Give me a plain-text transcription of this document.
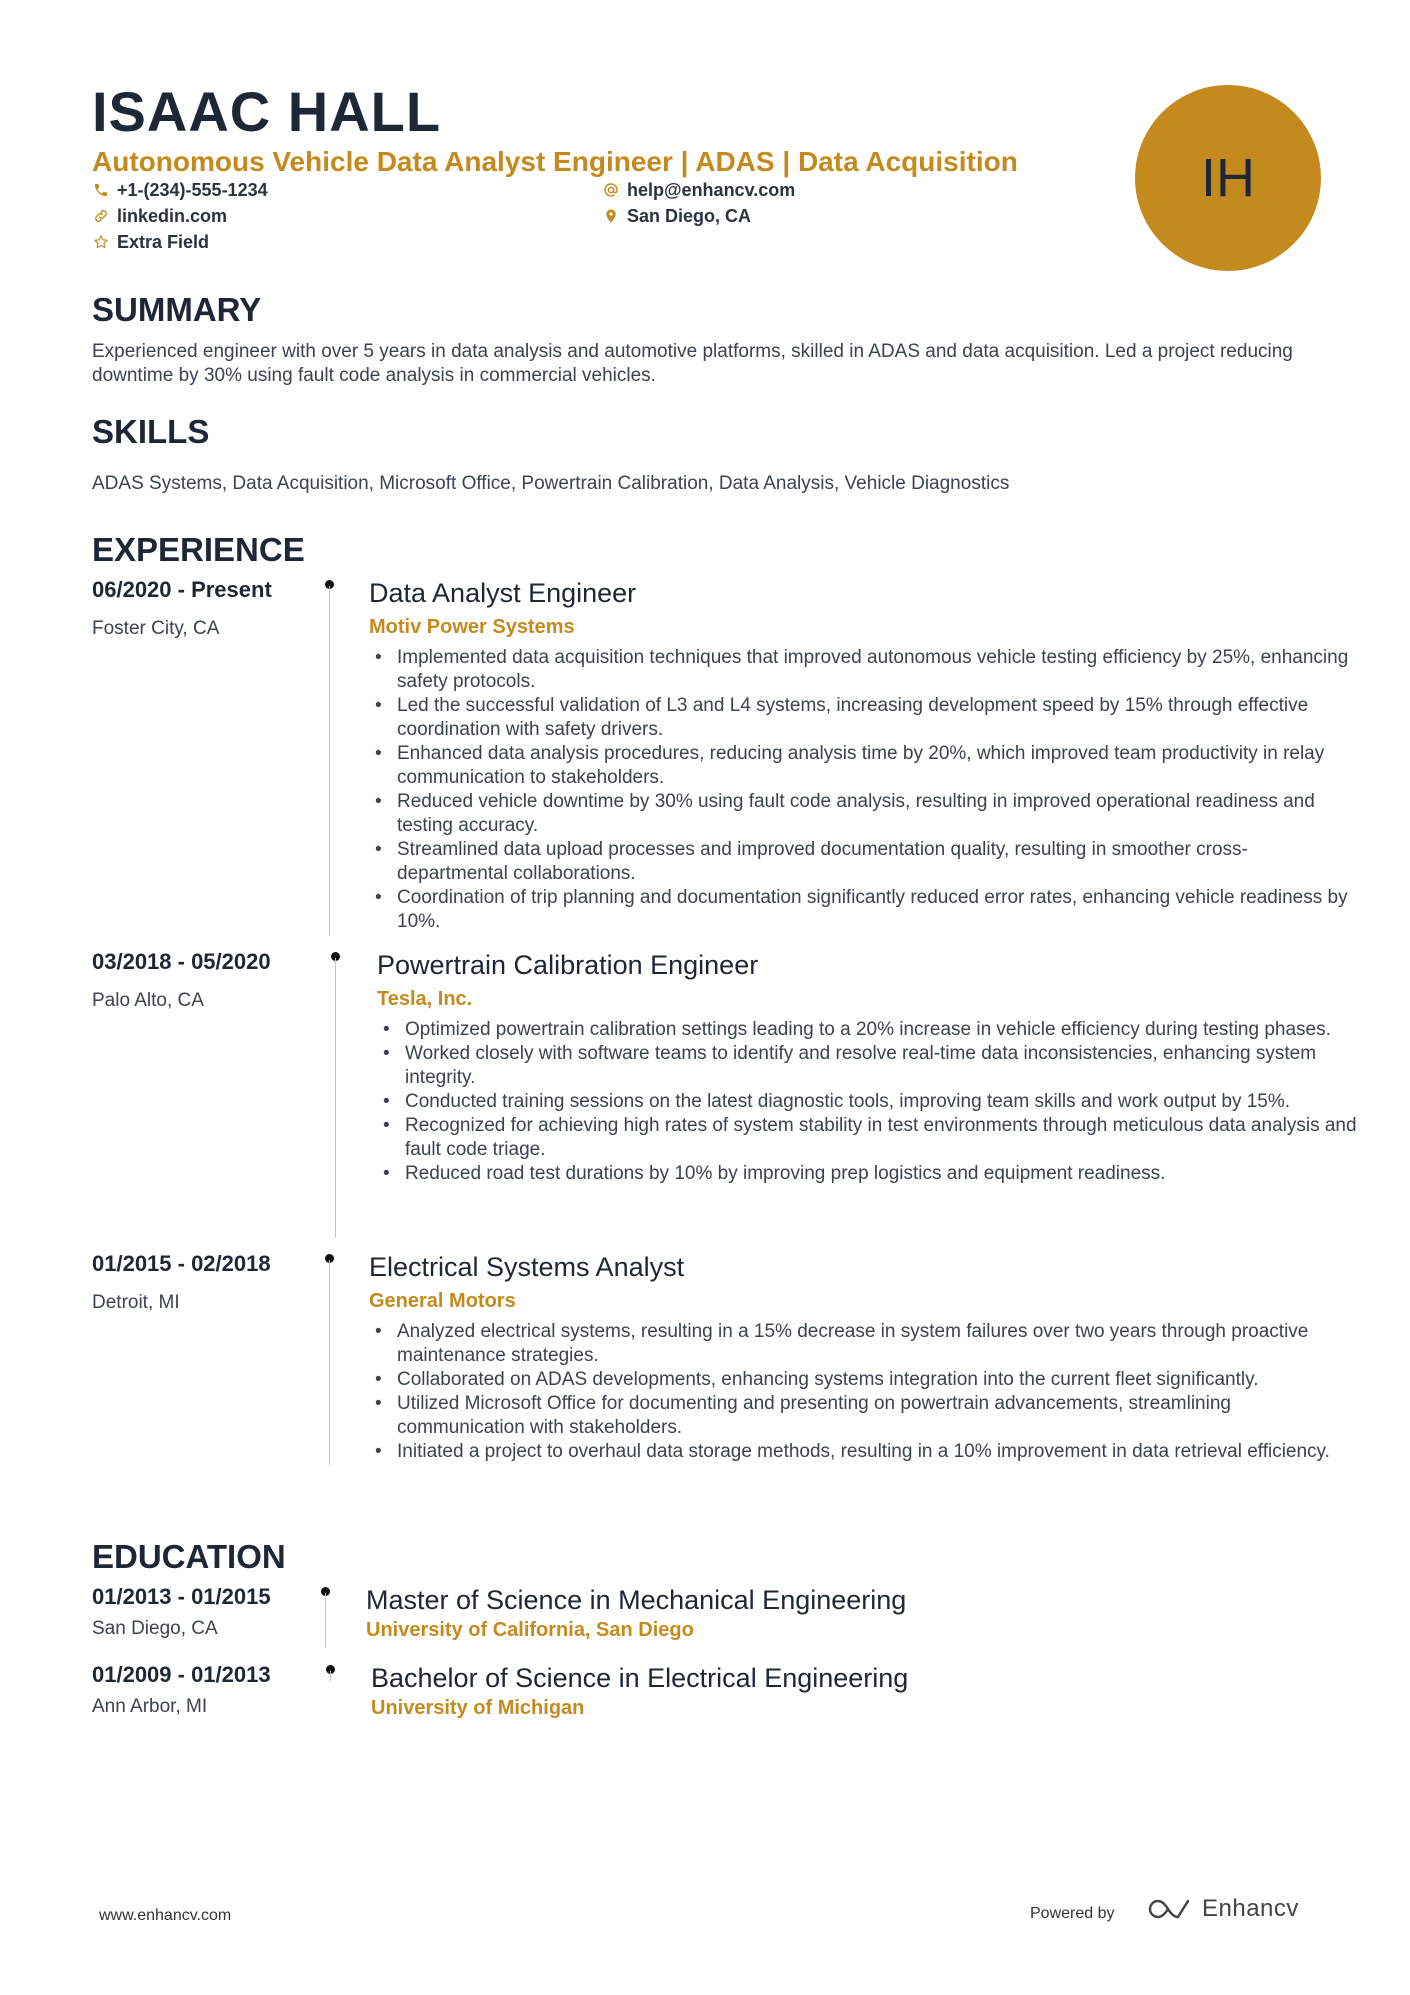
ISAAC HALL
Autonomous Vehicle Data Analyst Engineer | ADAS | Data Acquisition
+1-(234)-555-1234	help@enhancv.com
linkedin.com	San Diego, CA
Extra Field
IH
SUMMARY

Experienced engineer with over 5 years in data analysis and automotive platforms, skilled in ADAS and data acquisition. Led a project reducing downtime by 30% using fault code analysis in commercial vehicles.

SKILLS

ADAS Systems, Data Acquisition, Microsoft Office, Powertrain Calibration, Data Analysis, Vehicle Diagnostics

EXPERIENCE
06/2020 - Present
Foster City, CA
Data Analyst Engineer
Motiv Power Systems
• Implemented data acquisition techniques that improved autonomous vehicle testing efficiency by 25%, enhancing safety protocols.
• Led the successful validation of L3 and L4 systems, increasing development speed by 15% through effective coordination with safety drivers.
• Enhanced data analysis procedures, reducing analysis time by 20%, which improved team productivity in relay communication to stakeholders.
• Reduced vehicle downtime by 30% using fault code analysis, resulting in improved operational readiness and testing accuracy.
• Streamlined data upload processes and improved documentation quality, resulting in smoother cross-departmental collaborations.
• Coordination of trip planning and documentation significantly reduced error rates, enhancing vehicle readiness by 10%.
03/2018 - 05/2020
Palo Alto, CA
Powertrain Calibration Engineer
Tesla, Inc.
• Optimized powertrain calibration settings leading to a 20% increase in vehicle efficiency during testing phases.
• Worked closely with software teams to identify and resolve real-time data inconsistencies, enhancing system integrity.
• Conducted training sessions on the latest diagnostic tools, improving team skills and work output by 15%.
• Recognized for achieving high rates of system stability in test environments through meticulous data analysis and fault code triage.
• Reduced road test durations by 10% by improving prep logistics and equipment readiness.
01/2015 - 02/2018
Detroit, MI
Electrical Systems Analyst
General Motors
• Analyzed electrical systems, resulting in a 15% decrease in system failures over two years through proactive maintenance strategies.
• Collaborated on ADAS developments, enhancing systems integration into the current fleet significantly.
• Utilized Microsoft Office for documenting and presenting on powertrain advancements, streamlining communication with stakeholders.
• Initiated a project to overhaul data storage methods, resulting in a 10% improvement in data retrieval efficiency.
EDUCATION
01/2013 - 01/2015
San Diego, CA
Master of Science in Mechanical Engineering
University of California, San Diego
01/2009 - 01/2013
Ann Arbor, MI
Bachelor of Science in Electrical Engineering
University of Michigan
www.enhancv.com	Powered by	Enhancv
